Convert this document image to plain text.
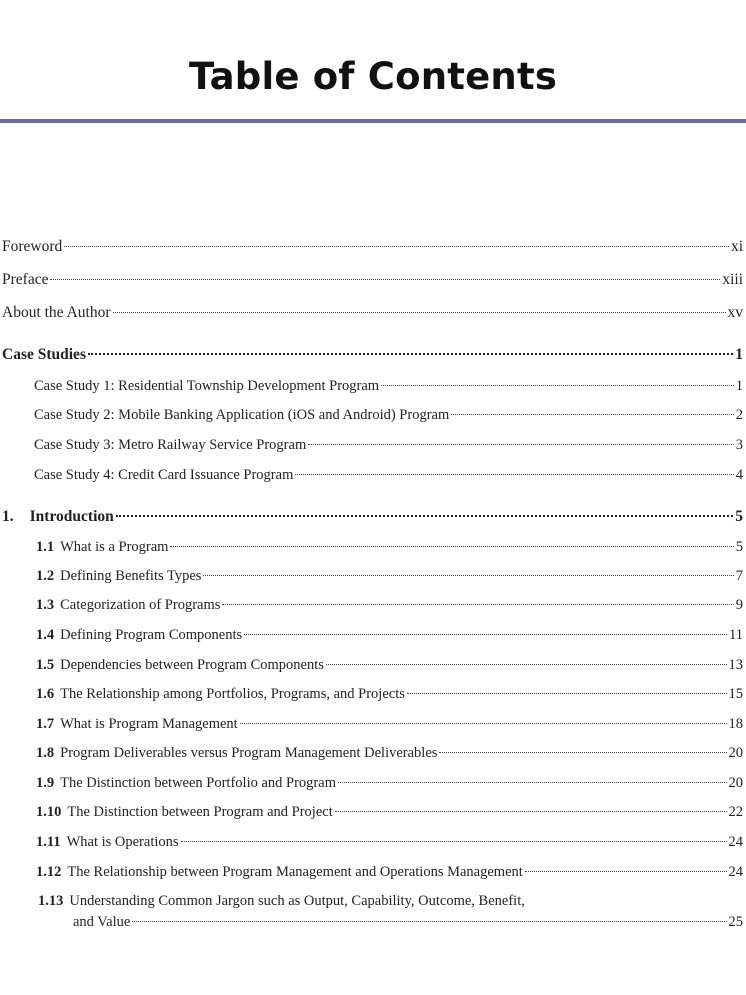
Table of Contents
Foreword	xi
Preface	xiii
About the Author	xv
Case Studies	1
Case Study 1: Residential Township Development Program	1
Case Study 2: Mobile Banking Application (iOS and Android) Program	2
Case Study 3: Metro Railway Service Program	3
Case Study 4: Credit Card Issuance Program	4
1. Introduction	5
1.1 What is a Program	5
1.2 Defining Benefits Types	7
1.3 Categorization of Programs	9
1.4 Defining Program Components	11
1.5 Dependencies between Program Components	13
1.6 The Relationship among Portfolios, Programs, and Projects	15
1.7 What is Program Management	18
1.8 Program Deliverables versus Program Management Deliverables	20
1.9 The Distinction between Portfolio and Program	20
1.10 The Distinction between Program and Project	22
1.11 What is Operations	24
1.12 The Relationship between Program Management and Operations Management	24
1.13 Understanding Common Jargon such as Output, Capability, Outcome, Benefit,
and Value	25
